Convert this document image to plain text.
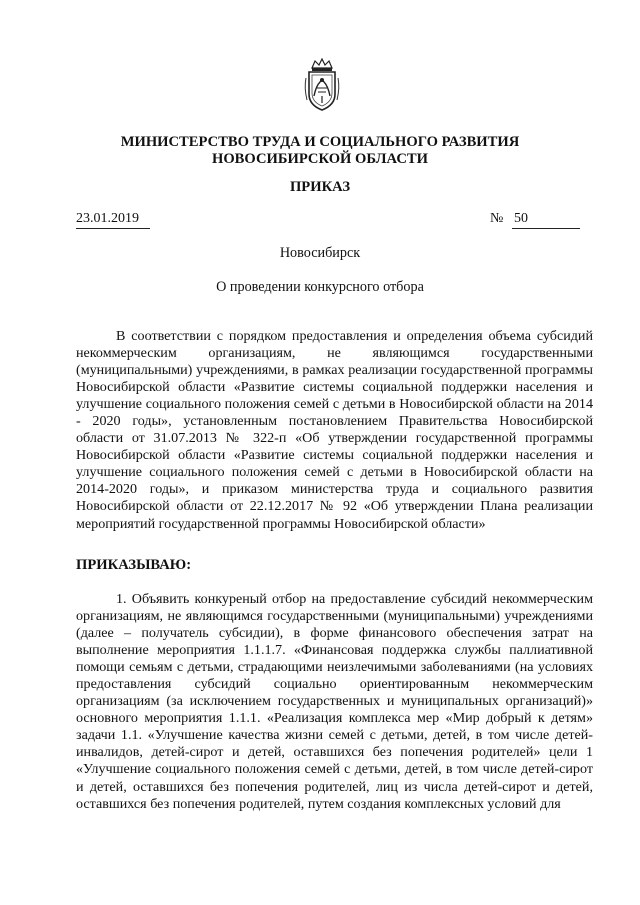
МИНИСТЕРСТВО ТРУДА И СОЦИАЛЬНОГО РАЗВИТИЯ
НОВОСИБИРСКОЙ ОБЛАСТИ
ПРИКАЗ
23.01.2019	№ 50
Новосибирск
О проведении конкурсного отбора

В соответствии с порядком предоставления и определения объема субсидий некоммерческим организациям, не являющимся государственными (муниципальными) учреждениями, в рамках реализации государственной программы Новосибирской области «Развитие системы социальной поддержки населения и улучшение социального положения семей с детьми в Новосибирской области на 2014 - 2020 годы», установленным постановлением Правительства Новосибирской области от 31.07.2013 № 322-п «Об утверждении государственной программы Новосибирской области «Развитие системы социальной поддержки населения и улучшение социального положения семей с детьми в Новосибирской области на 2014-2020 годы», и приказом министерства труда и социального развития Новосибирской области от 22.12.2017 № 92 «Об утверждении Плана реализации мероприятий государственной программы Новосибирской области»

ПРИКАЗЫВАЮ:

1. Объявить конкуреный отбор на предоставление субсидий некоммерческим организациям, не являющимся государственными (муниципальными) учреждениями (далее – получатель субсидии), в форме финансового обеспечения затрат на выполнение мероприятия 1.1.1.7. «Финансовая поддержка службы паллиативной помощи семьям с детьми, страдающими неизлечимыми заболеваниями (на условиях предоставления субсидий социально ориентированным некоммерческим организациям (за исключением государственных и муниципальных организаций)» основного мероприятия 1.1.1. «Реализация комплекса мер «Мир добрый к детям» задачи 1.1. «Улучшение качества жизни семей с детьми, детей, в том числе детей-инвалидов, детей-сирот и детей, оставшихся без попечения родителей» цели 1 «Улучшение социального положения семей с детьми, детей, в том числе детей-сирот и детей, оставшихся без попечения родителей, лиц из числа детей-сирот и детей, оставшихся без попечения родителей, путем создания комплексных условий для
